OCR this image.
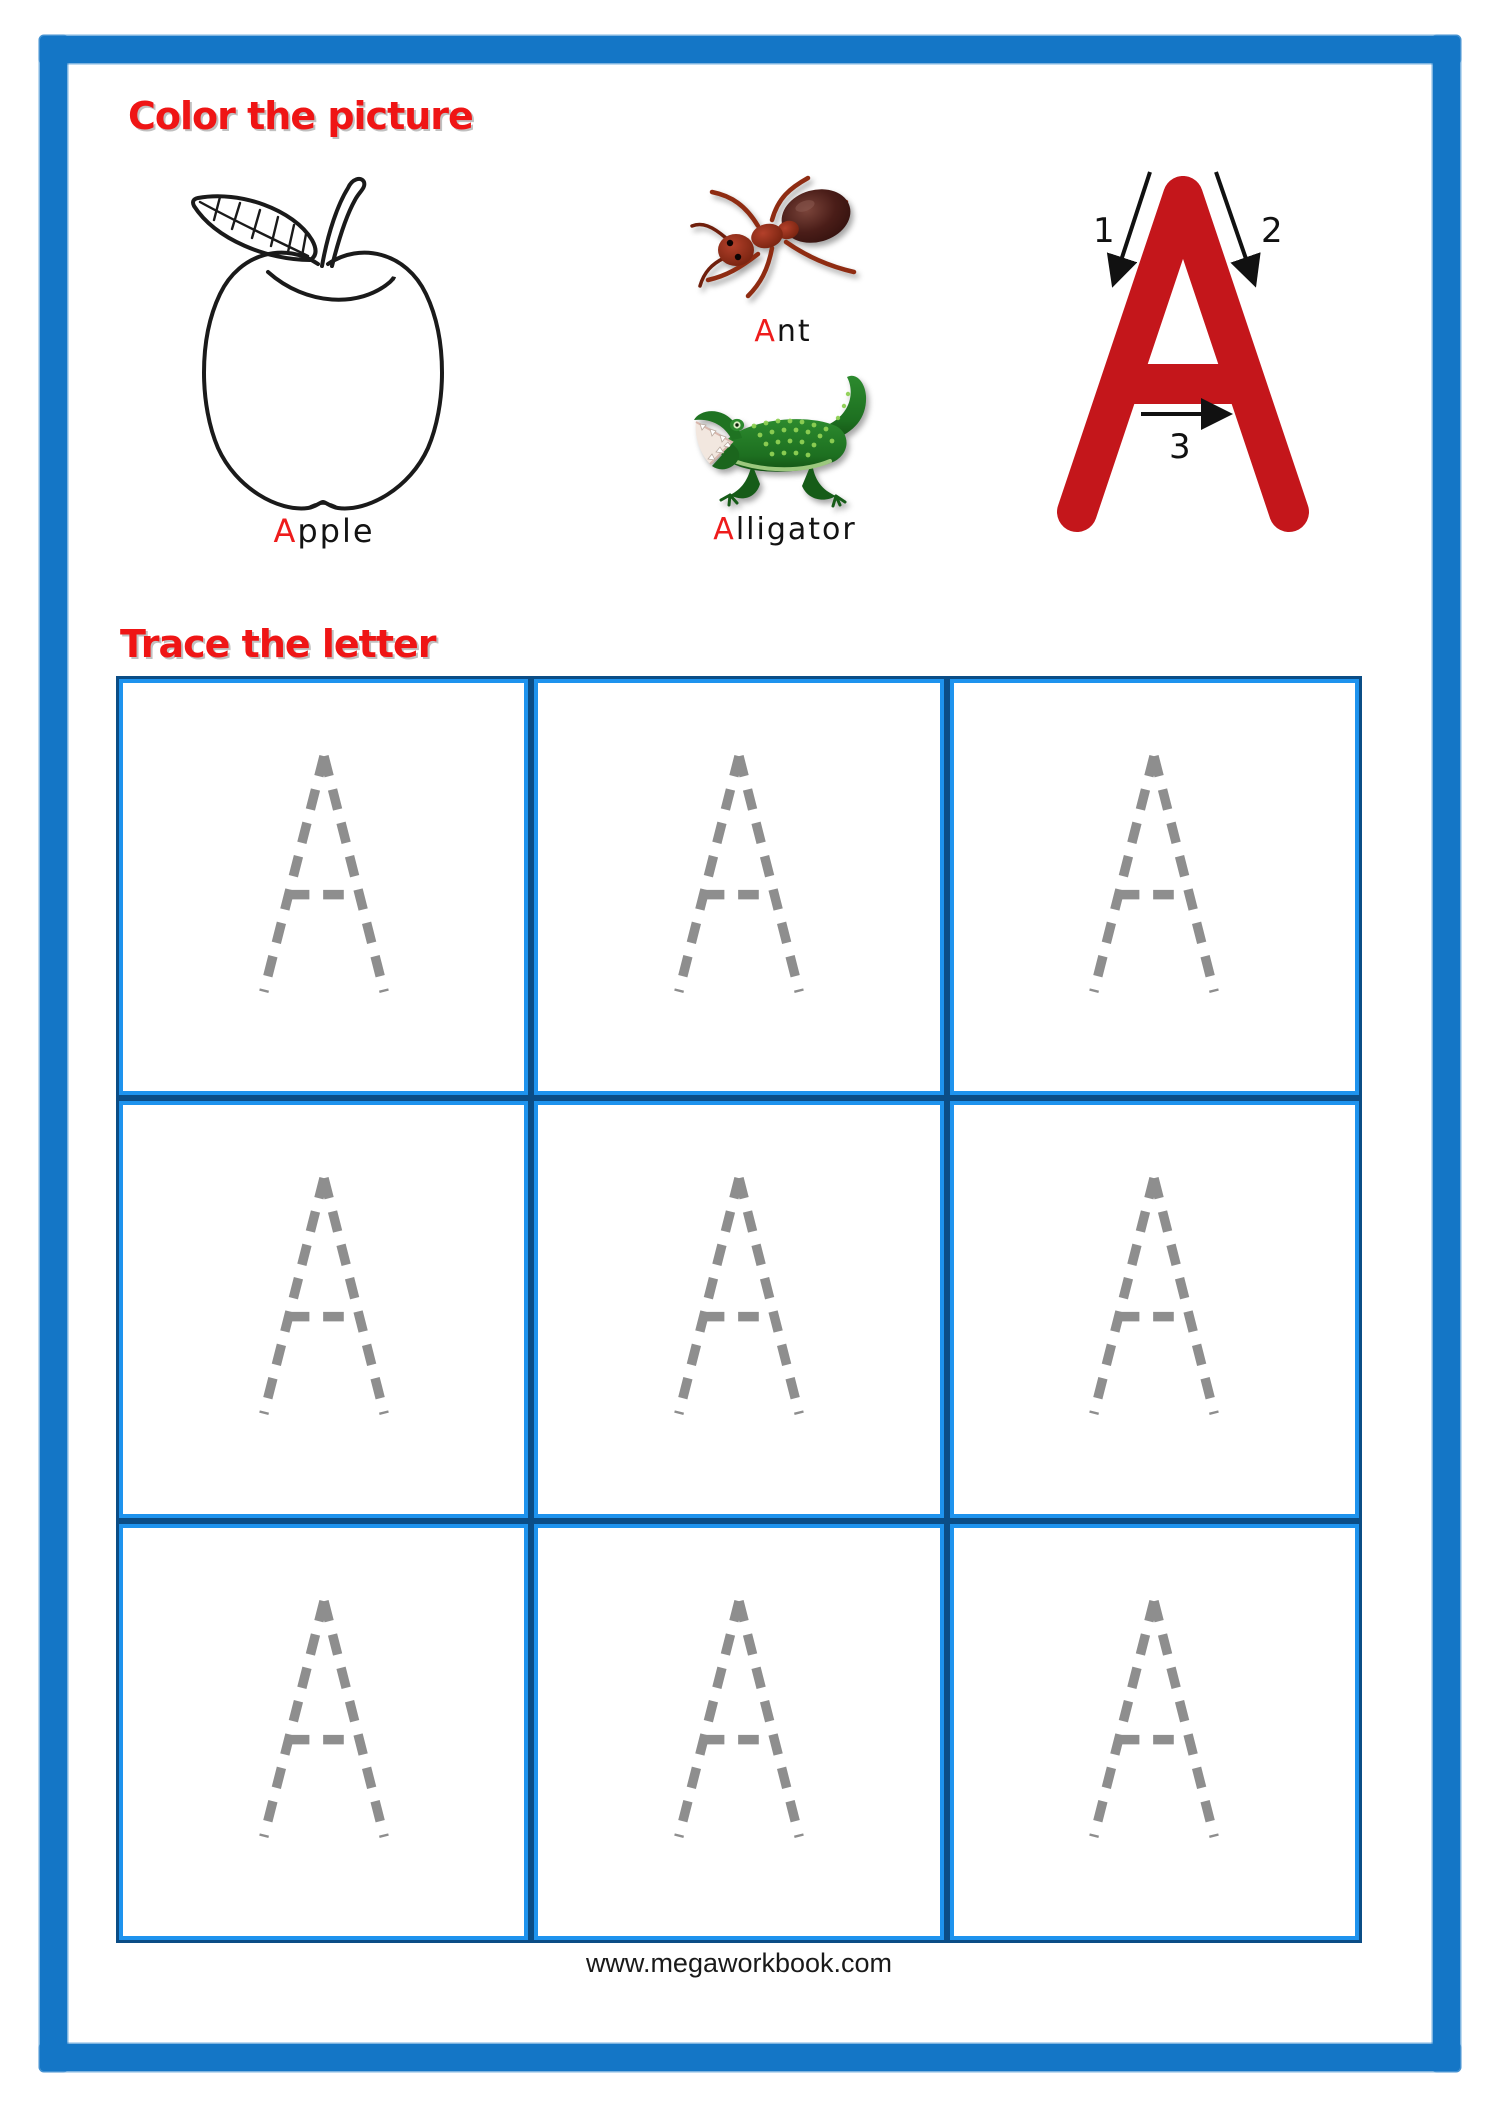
Color the picture
Apple
Ant
Alligator
1	2
3
Trace the letter
www.megaworkbook.com
